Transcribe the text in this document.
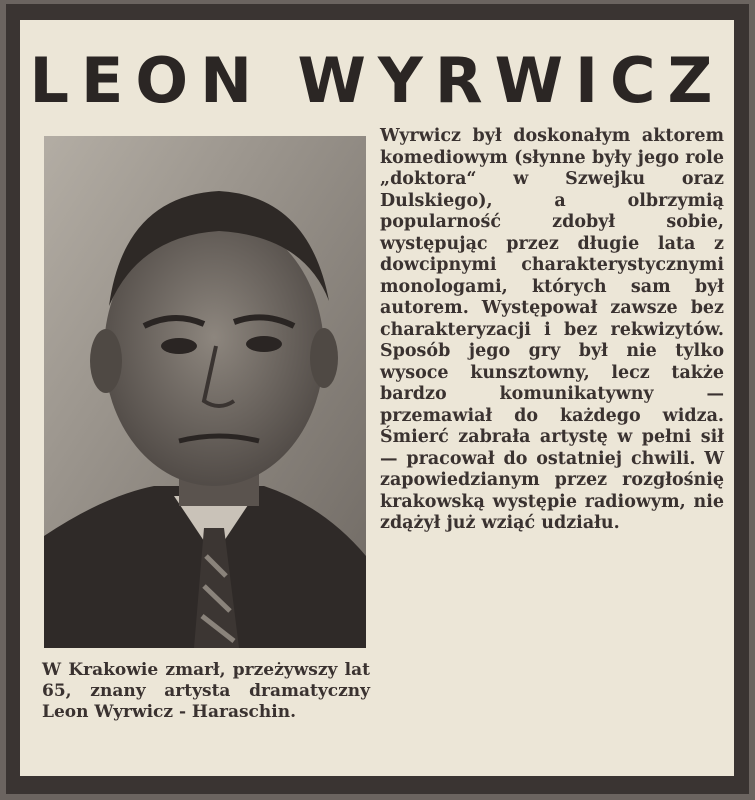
LEON WYRWICZ
W Krakowie zmarł, przeżywszy lat 65, znany artysta dramatyczny Leon Wyrwicz - Haraschin.
Wyrwicz był doskonałym aktorem komediowym (słynne były jego role „doktora“ w Szwejku oraz Dulskiego), a olbrzymią popularność zdobył sobie, występując przez długie lata z dowcipnymi charakterystycznymi monologami, których sam był autorem. Występował zawsze bez charakteryzacji i bez rekwizytów. Sposób jego gry był nie tylko wysoce kunsztowny, lecz także bardzo komunikatywny — przemawiał do każdego widza. Śmierć zabrała artystę w pełni sił — pracował do ostatniej chwili. W zapowiedzianym przez rozgłośnię krakowską występie radiowym, nie zdążył już wziąć udziału.
